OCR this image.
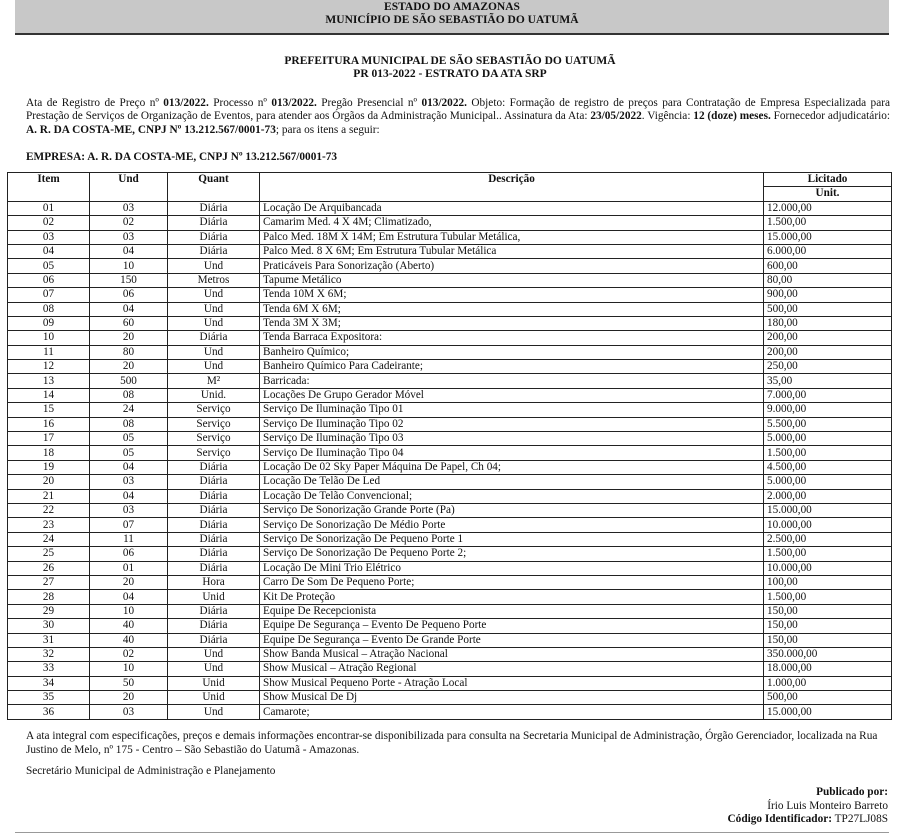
ESTADO DO AMAZONAS
MUNICÍPIO DE SÃO SEBASTIÃO DO UATUMÃ
PREFEITURA MUNICIPAL DE SÃO SEBASTIÃO DO UATUMÃ
PR 013-2022 - ESTRATO DA ATA SRP
Ata de Registro de Preço nº 013/2022. Processo nº 013/2022. Pregão Presencial nº 013/2022. Objeto: Formação de registro de preços para Contratação de Empresa Especializada para Prestação de Serviços de Organização de Eventos, para atender aos Órgãos da Administração Municipal.. Assinatura da Ata: 23/05/2022. Vigência: 12 (doze) meses. Fornecedor adjudicatário: A. R. DA COSTA-ME, CNPJ Nº 13.212.567/0001-73; para os itens a seguir:
EMPRESA: A. R. DA COSTA-ME, CNPJ Nº 13.212.567/0001-73
Item	Und	Quant	Descrição	Licitado
				Unit.
01	03	Diária	Locação De Arquibancada	12.000,00
02	02	Diária	Camarim Med. 4 X 4M; Climatizado,	1.500,00
03	03	Diária	Palco Med. 18M X 14M; Em Estrutura Tubular Metálica,	15.000,00
04	04	Diária	Palco Med. 8 X 6M; Em Estrutura Tubular Metálica	6.000,00
05	10	Und	Praticáveis Para Sonorização (Aberto)	600,00
06	150	Metros	Tapume Metálico	80,00
07	06	Und	Tenda 10M X 6M;	900,00
08	04	Und	Tenda 6M X 6M;	500,00
09	60	Und	Tenda 3M X 3M;	180,00
10	20	Diária	Tenda Barraca Expositora:	200,00
11	80	Und	Banheiro Químico;	200,00
12	20	Und	Banheiro Químico Para Cadeirante;	250,00
13	500	M²	Barricada:	35,00
14	08	Unid.	Locações De Grupo Gerador Móvel	7.000,00
15	24	Serviço	Serviço De Iluminação Tipo 01	9.000,00
16	08	Serviço	Serviço De Iluminação Tipo 02	5.500,00
17	05	Serviço	Serviço De Iluminação Tipo 03	5.000,00
18	05	Serviço	Serviço De Iluminação Tipo 04	1.500,00
19	04	Diária	Locação De 02 Sky Paper Máquina De Papel, Ch 04;	4.500,00
20	03	Diária	Locação De Telão De Led	5.000,00
21	04	Diária	Locação De Telão Convencional;	2.000,00
22	03	Diária	Serviço De Sonorização Grande Porte (Pa)	15.000,00
23	07	Diária	Serviço De Sonorização De Médio Porte	10.000,00
24	11	Diária	Serviço De Sonorização De Pequeno Porte 1	2.500,00
25	06	Diária	Serviço De Sonorização De Pequeno Porte 2;	1.500,00
26	01	Diária	Locação De Mini Trio Elétrico	10.000,00
27	20	Hora	Carro De Som De Pequeno Porte;	100,00
28	04	Unid	Kit De Proteção	1.500,00
29	10	Diária	Equipe De Recepcionista	150,00
30	40	Diária	Equipe De Segurança – Evento De Pequeno Porte	150,00
31	40	Diária	Equipe De Segurança – Evento De Grande Porte	150,00
32	02	Und	Show Banda Musical – Atração Nacional	350.000,00
33	10	Und	Show Musical – Atração Regional	18.000,00
34	50	Unid	Show Musical Pequeno Porte - Atração Local	1.000,00
35	20	Unid	Show Musical De Dj	500,00
36	03	Und	Camarote;	15.000,00
A ata integral com especificações, preços e demais informações encontrar-se disponibilizada para consulta na Secretaria Municipal de Administração, Órgão Gerenciador, localizada na Rua Justino de Melo, nº 175 - Centro – São Sebastião do Uatumã - Amazonas.
Secretário Municipal de Administração e Planejamento
Publicado por:
Írio Luis Monteiro Barreto
Código Identificador: TP27LJ08S
